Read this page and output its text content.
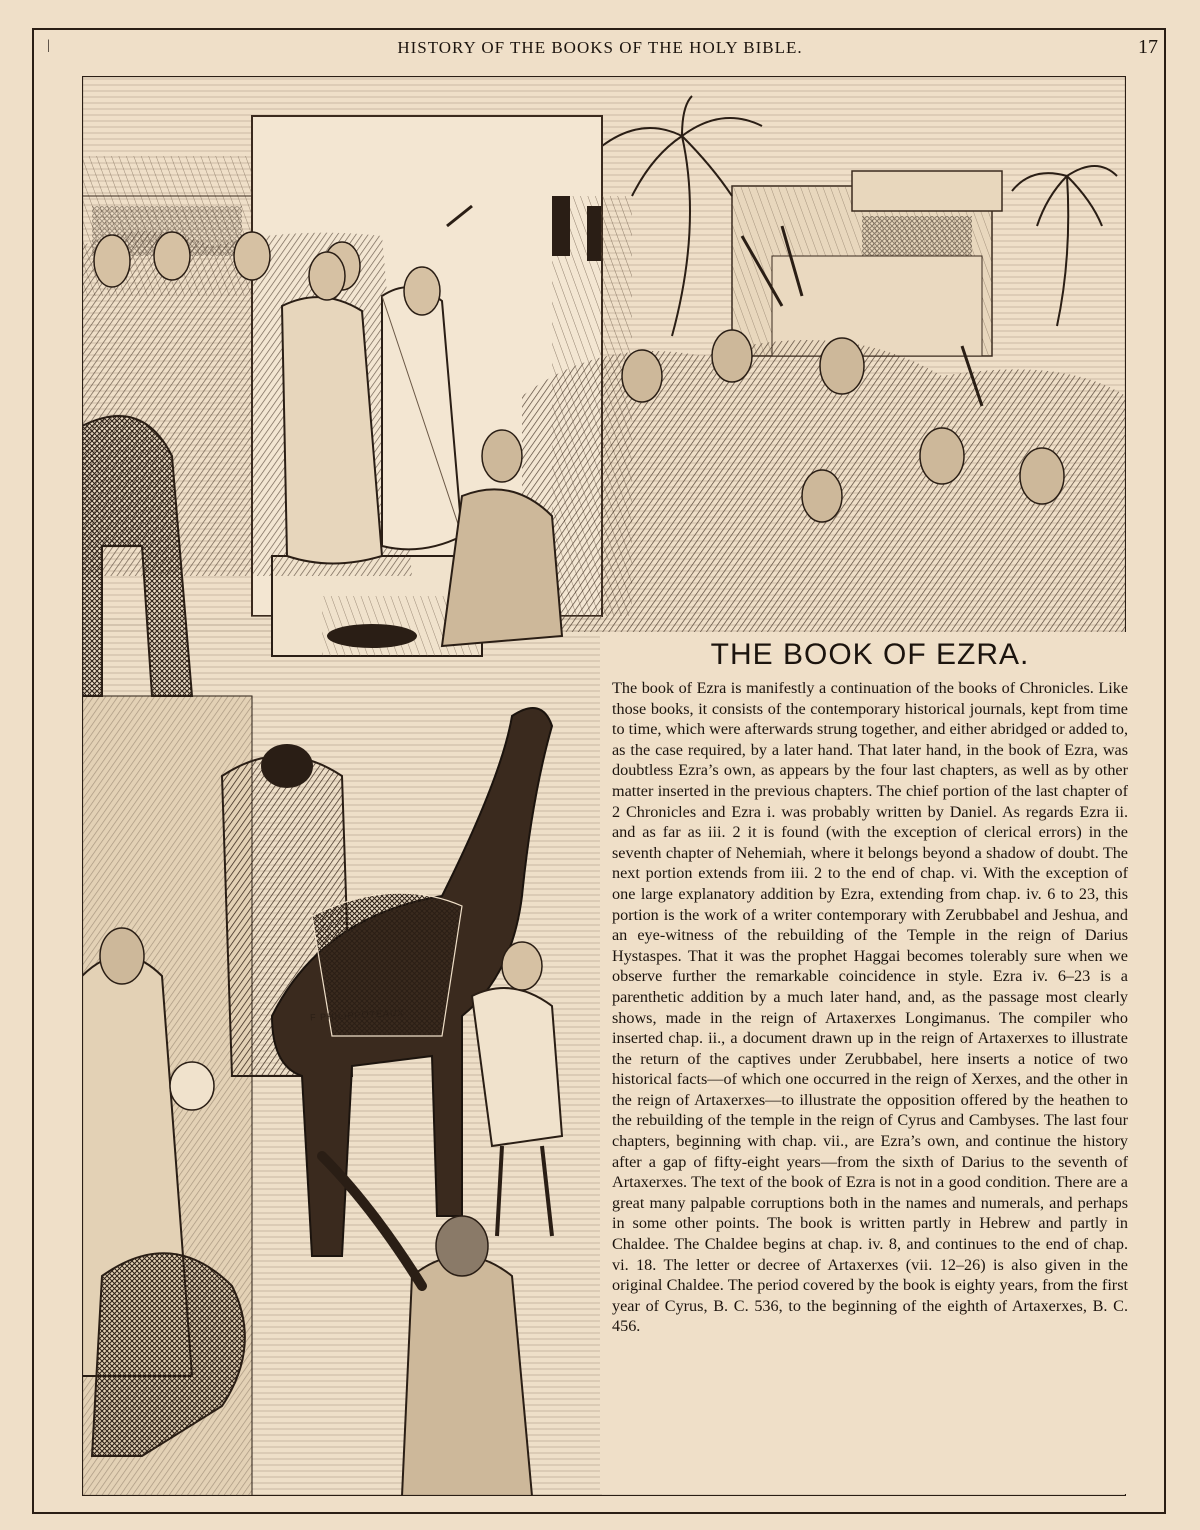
|	HISTORY OF THE BOOKS OF THE HOLY BIBLE.	17
F PHILIPPOTEAUX
THE BOOK OF EZRA.

The book of Ezra is manifestly a continuation of the books of Chronicles. Like those books, it consists of the contemporary historical journals, kept from time to time, which were afterwards strung together, and either abridged or added to, as the case required, by a later hand. That later hand, in the book of Ezra, was doubtless Ezra’s own, as appears by the four last chapters, as well as by other matter inserted in the previous chapters. The chief portion of the last chapter of 2 Chronicles and Ezra i. was probably written by Daniel. As regards Ezra ii. and as far as iii. 2 it is found (with the exception of clerical errors) in the seventh chapter of Nehemiah, where it belongs beyond a shadow of doubt. The next portion extends from iii. 2 to the end of chap. vi. With the exception of one large explanatory addition by Ezra, extending from chap. iv. 6 to 23, this portion is the work of a writer contemporary with Zerubbabel and Jeshua, and an eye-witness of the rebuilding of the Temple in the reign of Darius Hystaspes. That it was the prophet Haggai becomes tolerably sure when we observe further the remarkable coincidence in style. Ezra iv. 6–23 is a parenthetic addition by a much later hand, and, as the passage most clearly shows, made in the reign of Artaxerxes Longimanus. The compiler who inserted chap. ii., a document drawn up in the reign of Artaxerxes to illustrate the return of the captives under Zerubbabel, here inserts a notice of two historical facts—of which one occurred in the reign of Xerxes, and the other in the reign of Artaxerxes—to illustrate the opposition offered by the heathen to the rebuilding of the temple in the reign of Cyrus and Cambyses. The last four chapters, beginning with chap. vii., are Ezra’s own, and continue the history after a gap of fifty-eight years—from the sixth of Darius to the seventh of Artaxerxes. The text of the book of Ezra is not in a good condition. There are a great many palpable corruptions both in the names and numerals, and perhaps in some other points. The book is written partly in Hebrew and partly in Chaldee. The Chaldee begins at chap. iv. 8, and continues to the end of chap. vi. 18. The letter or decree of Artaxerxes (vii. 12–26) is also given in the original Chaldee. The period covered by the book is eighty years, from the first year of Cyrus, B. C. 536, to the beginning of the eighth of Artaxerxes, B. C. 456.
